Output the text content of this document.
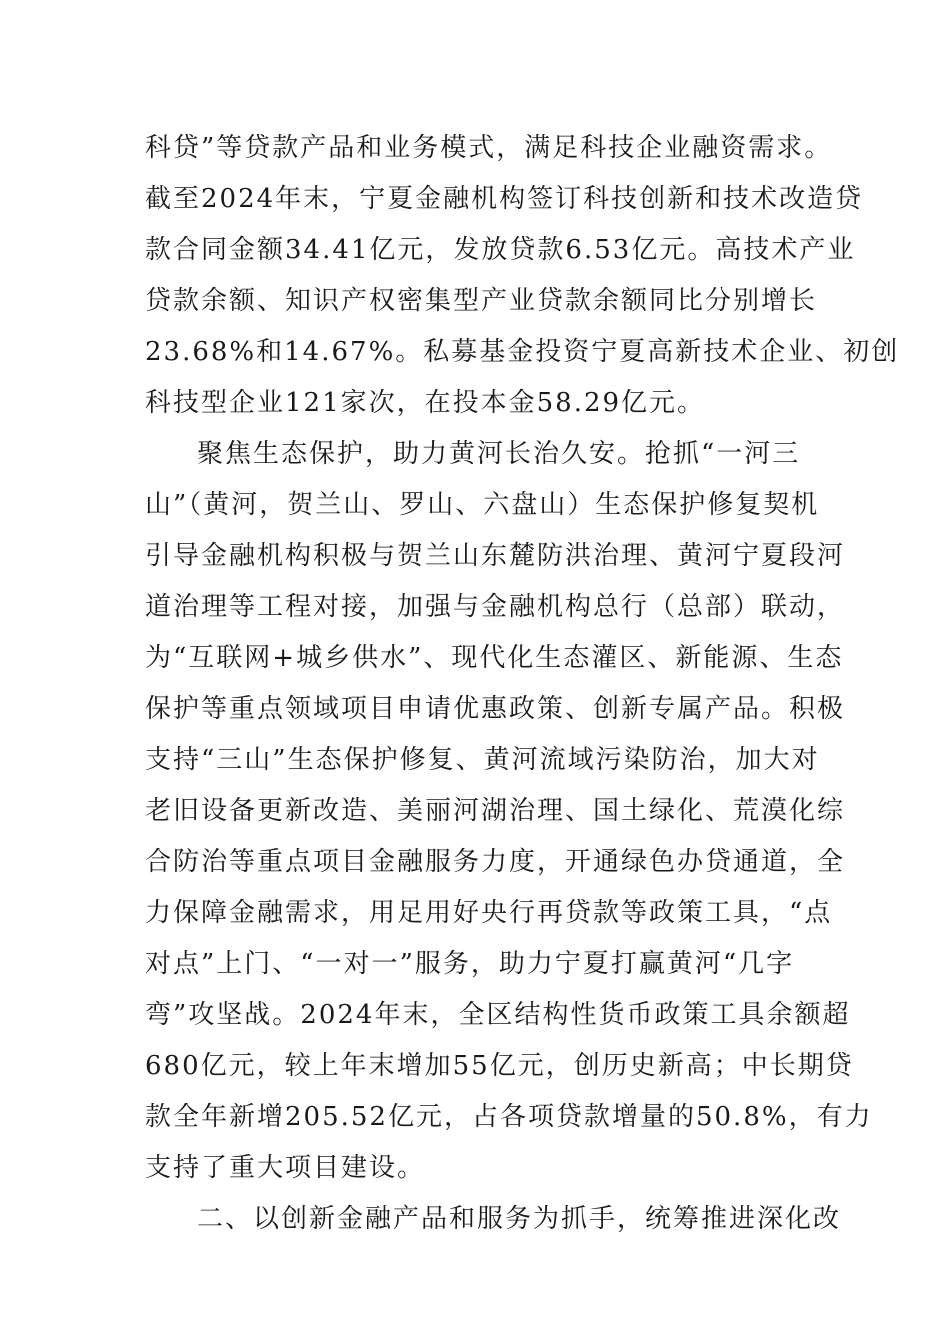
科贷”等贷款产品和业务模式，满足科技企业融资需求。
截至2024年末，宁夏金融机构签订科技创新和技术改造贷
款合同金额34.41亿元，发放贷款6.53亿元。高技术产业
贷款余额、知识产权密集型产业贷款余额同比分别增长
23.68%和14.67%。私募基金投资宁夏高新技术企业、初创
科技型企业121家次，在投本金58.29亿元。
聚焦生态保护，助力黄河长治久安。抢抓“一河三
山”（黄河，贺兰山、罗山、六盘山）生态保护修复契机
引导金融机构积极与贺兰山东麓防洪治理、黄河宁夏段河
道治理等工程对接，加强与金融机构总行（总部）联动，
为“互联网+城乡供水”、现代化生态灌区、新能源、生态
保护等重点领域项目申请优惠政策、创新专属产品。积极
支持“三山”生态保护修复、黄河流域污染防治，加大对
老旧设备更新改造、美丽河湖治理、国土绿化、荒漠化综
合防治等重点项目金融服务力度，开通绿色办贷通道，全
力保障金融需求，用足用好央行再贷款等政策工具，“点
对点”上门、“一对一”服务，助力宁夏打赢黄河“几字
弯”攻坚战。2024年末，全区结构性货币政策工具余额超
680亿元，较上年末增加55亿元，创历史新高；中长期贷
款全年新增205.52亿元，占各项贷款增量的50.8%，有力
支持了重大项目建设。
二、以创新金融产品和服务为抓手，统筹推进深化改
